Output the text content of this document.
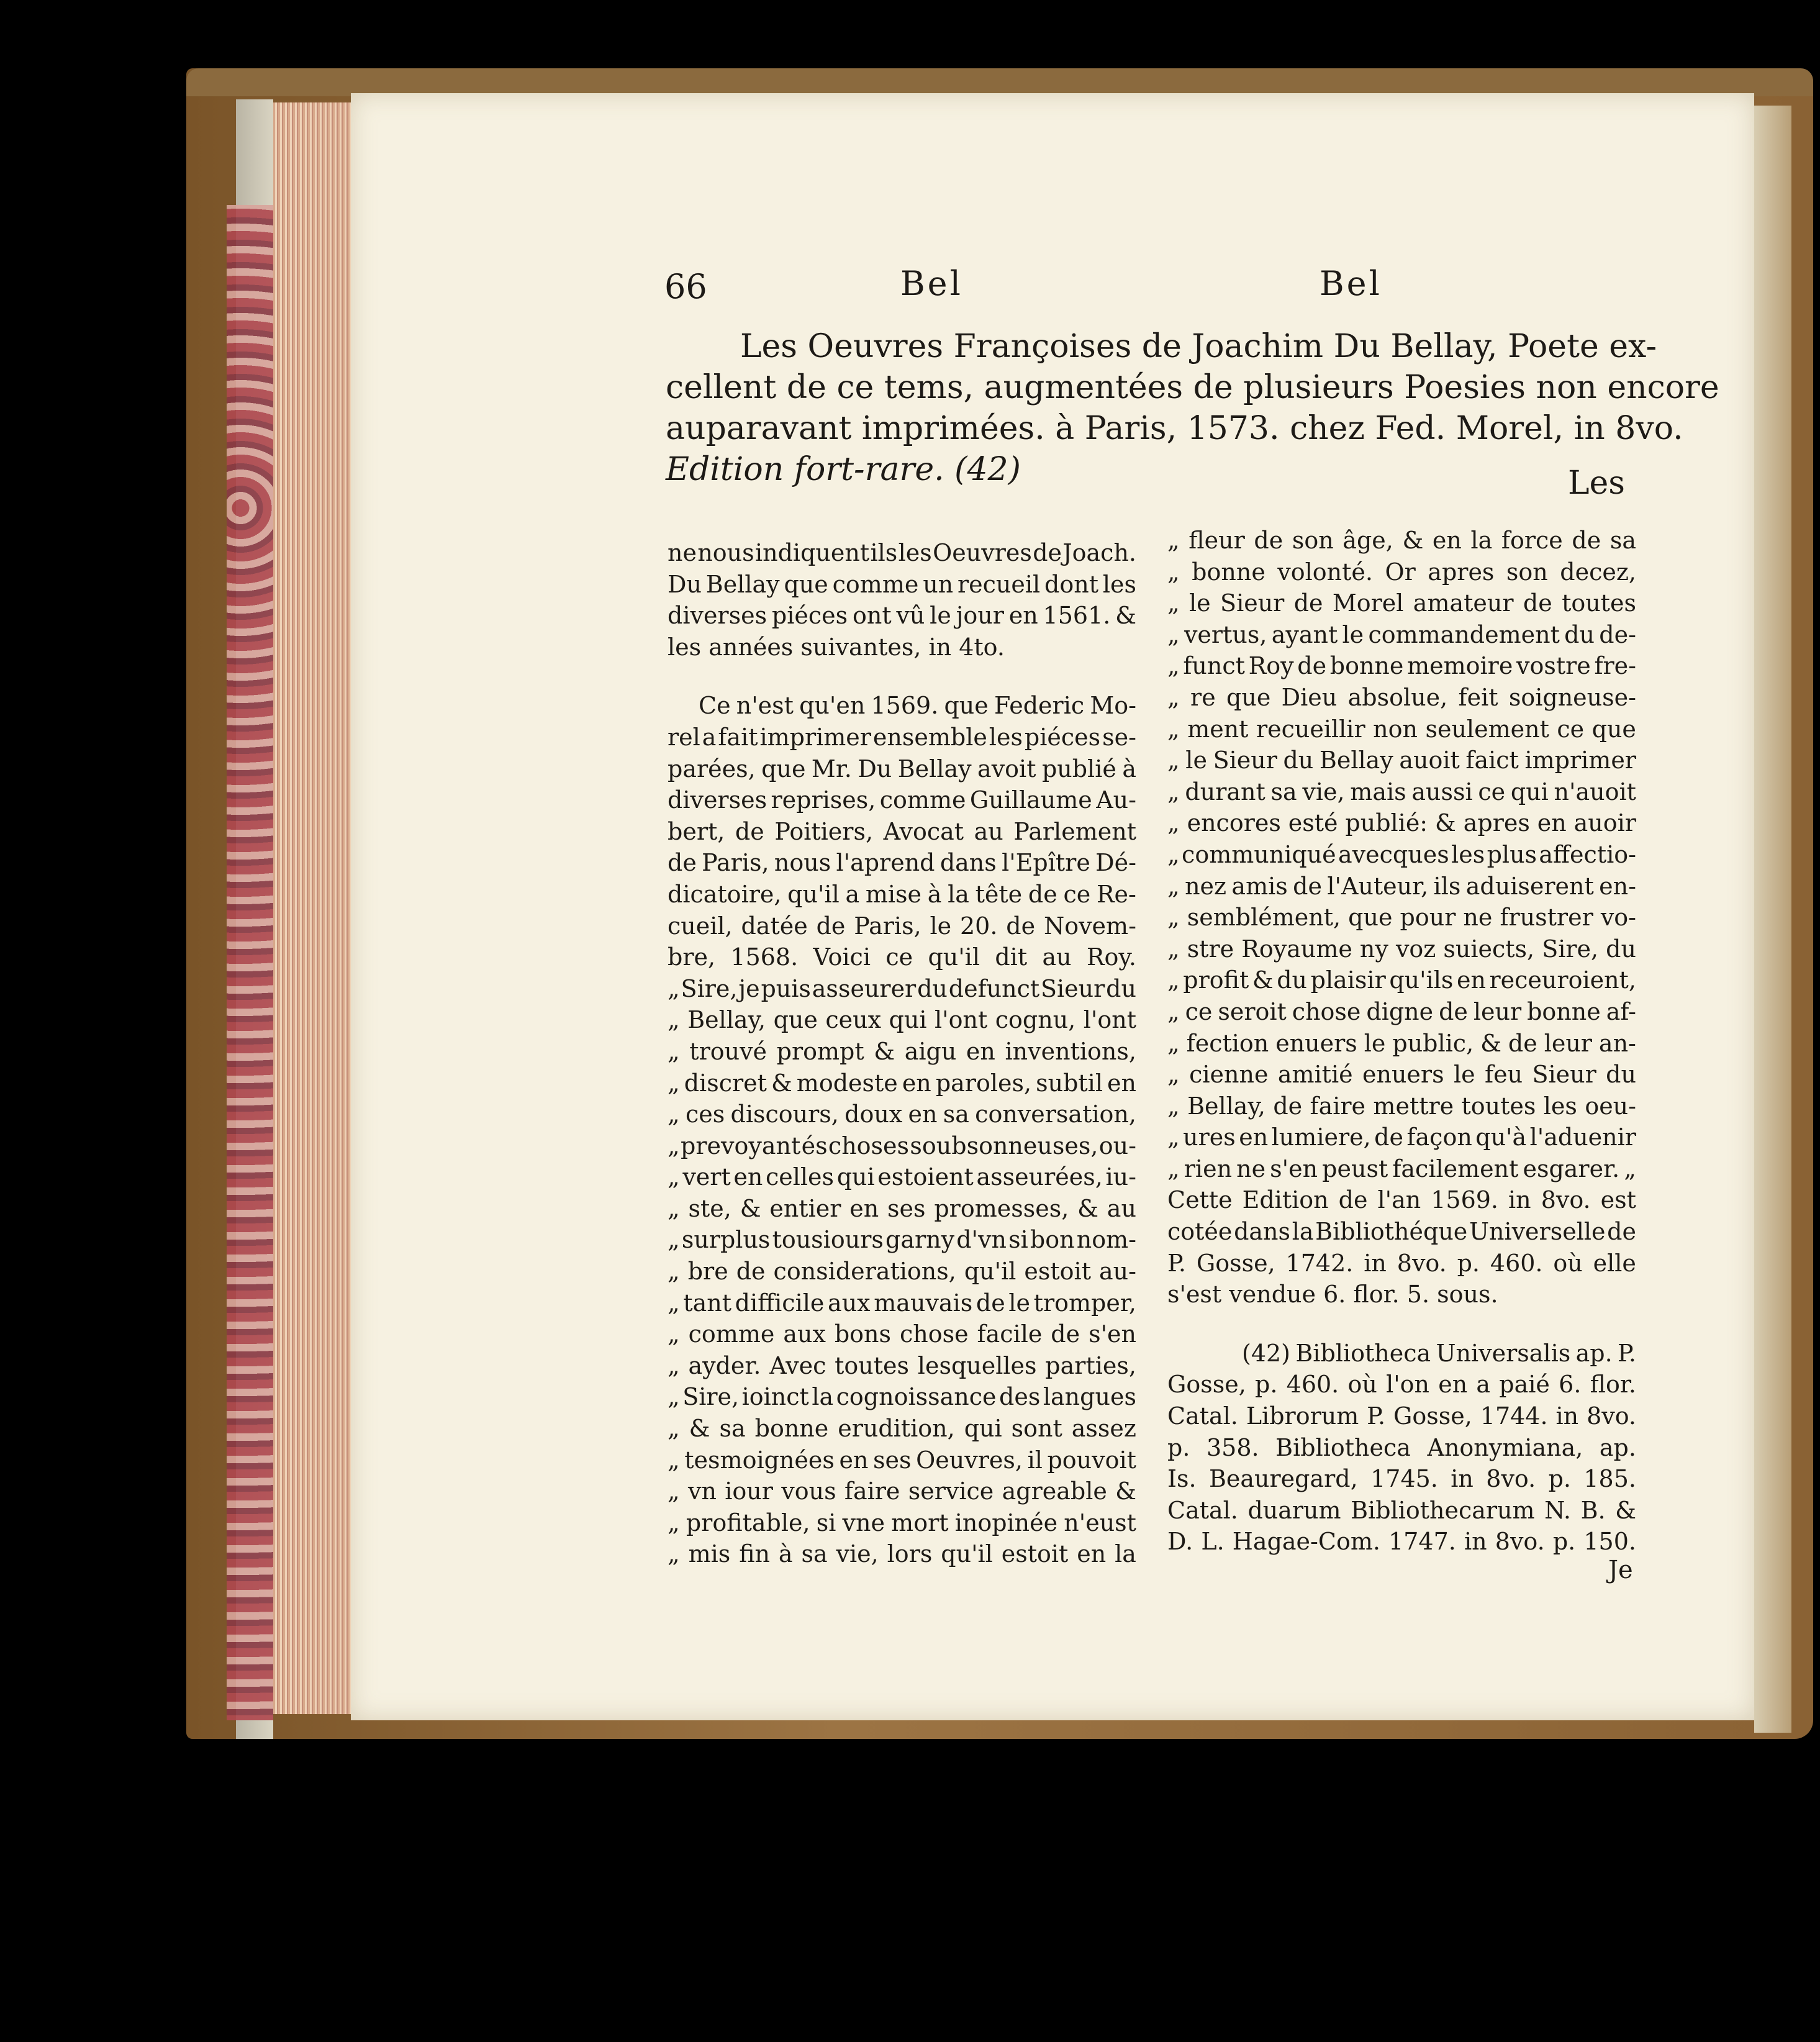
66	Bel	Bel
Les Oeuvres Françoises de Joachim Du Bellay, Poete ex-
cellent de ce tems, augmentées de plusieurs Poesies non encore
auparavant imprimées. à Paris, 1573. chez Fed. Morel, in 8vo.
Edition fort-rare. (42)	Les
ne nous indiquent ils les Oeuvres de Joach.
Du Bellay que comme un recueil dont les
diverses piéces ont vû le jour en 1561. &
les années suivantes, in 4to.
Ce n'est qu'en 1569. que Federic Mo-
rel a fait imprimer ensemble les piéces se-
parées, que Mr. Du Bellay avoit publié à
diverses reprises, comme Guillaume Au-
bert, de Poitiers, Avocat au Parlement
de Paris, nous l'aprend dans l'Epître Dé-
dicatoire, qu'il a mise à la tête de ce Re-
cueil, datée de Paris, le 20. de Novem-
bre, 1568. Voici ce qu'il dit au Roy.
„ Sire, je puis asseurer du defunct Sieur du
„ Bellay, que ceux qui l'ont cognu, l'ont
„ trouvé prompt & aigu en inventions,
„ discret & modeste en paroles, subtil en
„ ces discours, doux en sa conversation,
„ prevoyant és choses soubsonneuses, ou-
„ vert en celles qui estoient asseurées, iu-
„ ste, & entier en ses promesses, & au
„ surplus tousiours garny d'vn si bon nom-
„ bre de considerations, qu'il estoit au-
„ tant difficile aux mauvais de le tromper,
„ comme aux bons chose facile de s'en
„ ayder. Avec toutes lesquelles parties,
„ Sire, ioinct la cognoissance des langues
„ & sa bonne erudition, qui sont assez
„ tesmoignées en ses Oeuvres, il pouvoit
„ vn iour vous faire service agreable &
„ profitable, si vne mort inopinée n'eust
„ mis fin à sa vie, lors qu'il estoit en la
„ fleur de son âge, & en la force de sa
„ bonne volonté. Or apres son decez,
„ le Sieur de Morel amateur de toutes
„ vertus, ayant le commandement du de-
„ funct Roy de bonne memoire vostre fre-
„ re que Dieu absolue, feit soigneuse-
„ ment recueillir non seulement ce que
„ le Sieur du Bellay auoit faict imprimer
„ durant sa vie, mais aussi ce qui n'auoit
„ encores esté publié: & apres en auoir
„ communiqué avecques les plus affectio-
„ nez amis de l'Auteur, ils aduiserent en-
„ semblément, que pour ne frustrer vo-
„ stre Royaume ny voz suiects, Sire, du
„ profit & du plaisir qu'ils en receuroient,
„ ce seroit chose digne de leur bonne af-
„ fection enuers le public, & de leur an-
„ cienne amitié enuers le feu Sieur du
„ Bellay, de faire mettre toutes les oeu-
„ ures en lumiere, de façon qu'à l'aduenir
„ rien ne s'en peust facilement esgarer. „
Cette Edition de l'an 1569. in 8vo. est
cotée dans la Bibliothéque Universelle de
P. Gosse, 1742. in 8vo. p. 460. où elle
s'est vendue 6. flor. 5. sous.
(42) Bibliotheca Universalis ap. P.
Gosse, p. 460. où l'on en a paié 6. flor.
Catal. Librorum P. Gosse, 1744. in 8vo.
p. 358. Bibliotheca Anonymiana, ap.
Is. Beauregard, 1745. in 8vo. p. 185.
Catal. duarum Bibliothecarum N. B. &
D. L. Hagae-Com. 1747. in 8vo. p. 150.
Je
